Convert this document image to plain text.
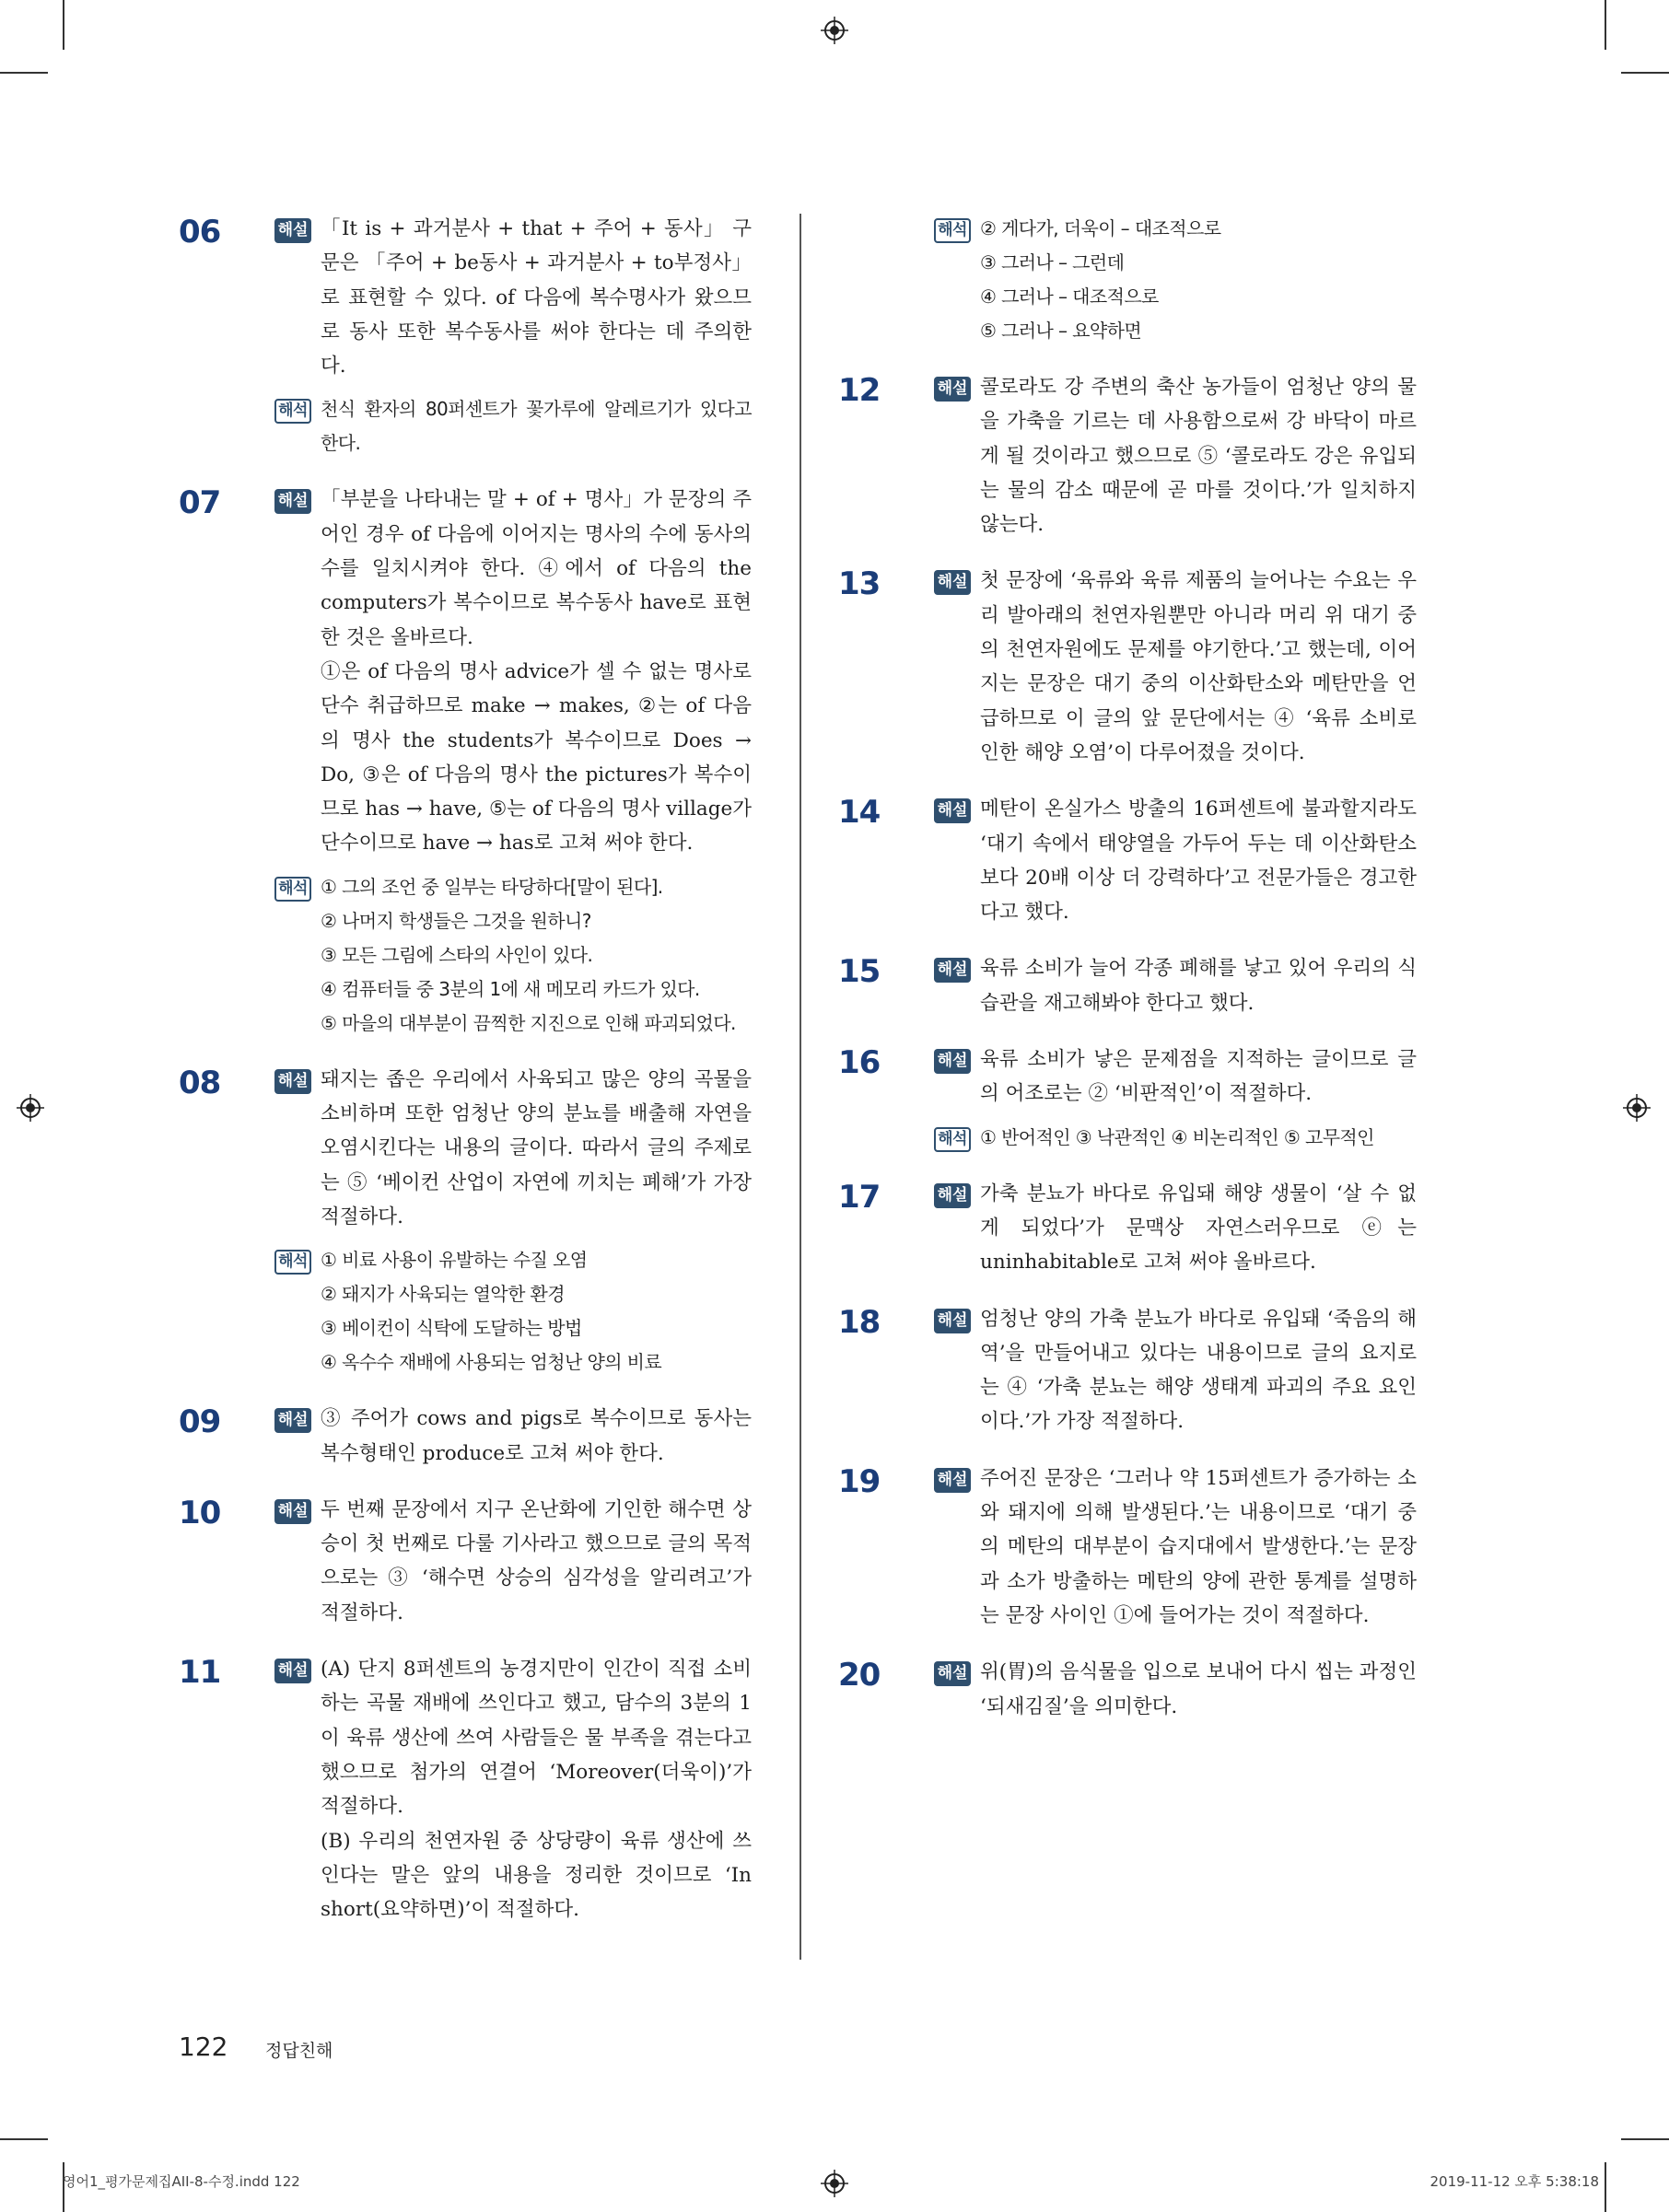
06	해설 「It is + 과거분사 + that + 주어 + 동사」 구문은 「주어 + be동사 + 과거분사 + to부정사」로 표현할 수 있다. of 다음에 복수명사가 왔으므로 동사 또한 복수동사를 써야 한다는 데 주의한다.
해석 천식 환자의 80퍼센트가 꽃가루에 알레르기가 있다고 한다.
07	해설 「부분을 나타내는 말 + of + 명사」가 문장의 주어인 경우 of 다음에 이어지는 명사의 수에 동사의 수를 일치시켜야 한다. ④에서 of 다음의 the computers가 복수이므로 복수동사 have로 표현한 것은 올바르다.
①은 of 다음의 명사 advice가 셀 수 없는 명사로 단수 취급하므로 make → makes, ②는 of 다음의 명사 the students가 복수이므로 Does → Do, ③은 of 다음의 명사 the pictures가 복수이므로 has → have, ⑤는 of 다음의 명사 village가 단수이므로 have → has로 고쳐 써야 한다.
해석 ① 그의 조언 중 일부는 타당하다[말이 된다].
② 나머지 학생들은 그것을 원하니?
③ 모든 그림에 스타의 사인이 있다.
④ 컴퓨터들 중 3분의 1에 새 메모리 카드가 있다.
⑤ 마을의 대부분이 끔찍한 지진으로 인해 파괴되었다.
08	해설 돼지는 좁은 우리에서 사육되고 많은 양의 곡물을 소비하며 또한 엄청난 양의 분뇨를 배출해 자연을 오염시킨다는 내용의 글이다. 따라서 글의 주제로는 ⑤ ‘베이컨 산업이 자연에 끼치는 폐해’가 가장 적절하다.
해석 ① 비료 사용이 유발하는 수질 오염
② 돼지가 사육되는 열악한 환경
③ 베이컨이 식탁에 도달하는 방법
④ 옥수수 재배에 사용되는 엄청난 양의 비료
09	해설 ③ 주어가 cows and pigs로 복수이므로 동사는 복수형태인 produce로 고쳐 써야 한다.
10	해설 두 번째 문장에서 지구 온난화에 기인한 해수면 상승이 첫 번째로 다룰 기사라고 했으므로 글의 목적으로는 ③ ‘해수면 상승의 심각성을 알리려고’가 적절하다.
11	해설 (A) 단지 8퍼센트의 농경지만이 인간이 직접 소비하는 곡물 재배에 쓰인다고 했고, 담수의 3분의 1이 육류 생산에 쓰여 사람들은 물 부족을 겪는다고 했으므로 첨가의 연결어 ‘Moreover(더욱이)’가 적절하다.
(B) 우리의 천연자원 중 상당량이 육류 생산에 쓰인다는 말은 앞의 내용을 정리한 것이므로 ‘In short(요약하면)’이 적절하다.
해석 ② 게다가, 더욱이 – 대조적으로
③ 그러나 – 그런데
④ 그러나 – 대조적으로
⑤ 그러나 – 요약하면
12	해설 콜로라도 강 주변의 축산 농가들이 엄청난 양의 물을 가축을 기르는 데 사용함으로써 강 바닥이 마르게 될 것이라고 했으므로 ⑤ ‘콜로라도 강은 유입되는 물의 감소 때문에 곧 마를 것이다.’가 일치하지 않는다.
13	해설 첫 문장에 ‘육류와 육류 제품의 늘어나는 수요는 우리 발아래의 천연자원뿐만 아니라 머리 위 대기 중의 천연자원에도 문제를 야기한다.’고 했는데, 이어지는 문장은 대기 중의 이산화탄소와 메탄만을 언급하므로 이 글의 앞 문단에서는 ④ ‘육류 소비로 인한 해양 오염’이 다루어졌을 것이다.
14	해설 메탄이 온실가스 방출의 16퍼센트에 불과할지라도 ‘대기 속에서 태양열을 가두어 두는 데 이산화탄소보다 20배 이상 더 강력하다’고 전문가들은 경고한다고 했다.
15	해설 육류 소비가 늘어 각종 폐해를 낳고 있어 우리의 식습관을 재고해봐야 한다고 했다.
16	해설 육류 소비가 낳은 문제점을 지적하는 글이므로 글의 어조로는 ② ‘비판적인’이 적절하다.
해석 ① 반어적인 ③ 낙관적인 ④ 비논리적인 ⑤ 고무적인
17	해설 가축 분뇨가 바다로 유입돼 해양 생물이 ‘살 수 없게 되었다’가 문맥상 자연스러우므로 ⓔ는 uninhabitable로 고쳐 써야 올바르다.
18	해설 엄청난 양의 가축 분뇨가 바다로 유입돼 ‘죽음의 해역’을 만들어내고 있다는 내용이므로 글의 요지로는 ④ ‘가축 분뇨는 해양 생태계 파괴의 주요 요인이다.’가 가장 적절하다.
19	해설 주어진 문장은 ‘그러나 약 15퍼센트가 증가하는 소와 돼지에 의해 발생된다.’는 내용이므로 ‘대기 중의 메탄의 대부분이 습지대에서 발생한다.’는 문장과 소가 방출하는 메탄의 양에 관한 통계를 설명하는 문장 사이인 ①에 들어가는 것이 적절하다.
20	해설 위(胃)의 음식물을 입으로 보내어 다시 씹는 과정인 ‘되새김질’을 의미한다.
122 정답친해
영어1_평가문제집AII-8-수정.indd 122	2019-11-12 오후 5:38:18
